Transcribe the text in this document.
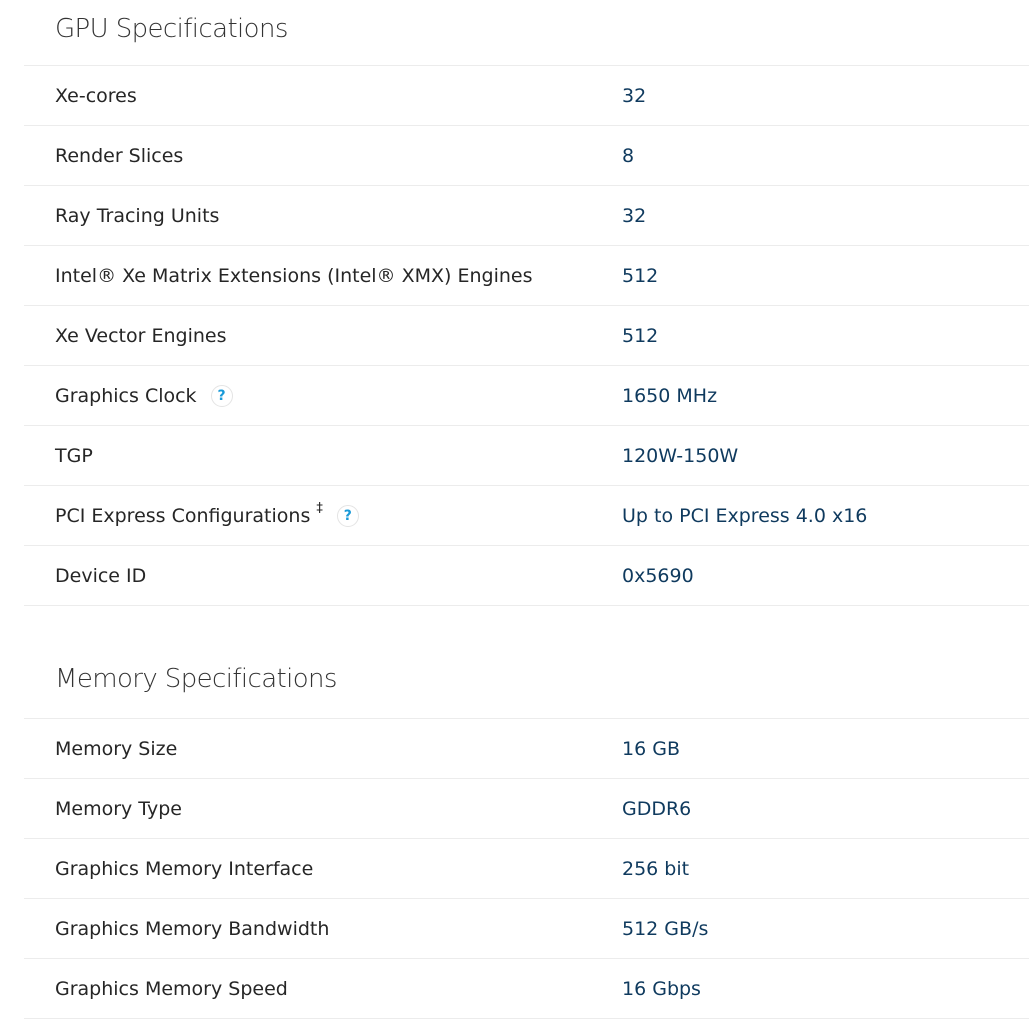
GPU Specifications
Xe-cores	32
Render Slices	8
Ray Tracing Units	32
Intel® Xe Matrix Extensions (Intel® XMX) Engines	512
Xe Vector Engines	512
Graphics Clock	?	1650 MHz
TGP	120W-150W
PCI Express Configurations ‡	?	Up to PCI Express 4.0 x16
Device ID	0x5690
Memory Specifications
Memory Size	16 GB
Memory Type	GDDR6
Graphics Memory Interface	256 bit
Graphics Memory Bandwidth	512 GB/s
Graphics Memory Speed	16 Gbps
